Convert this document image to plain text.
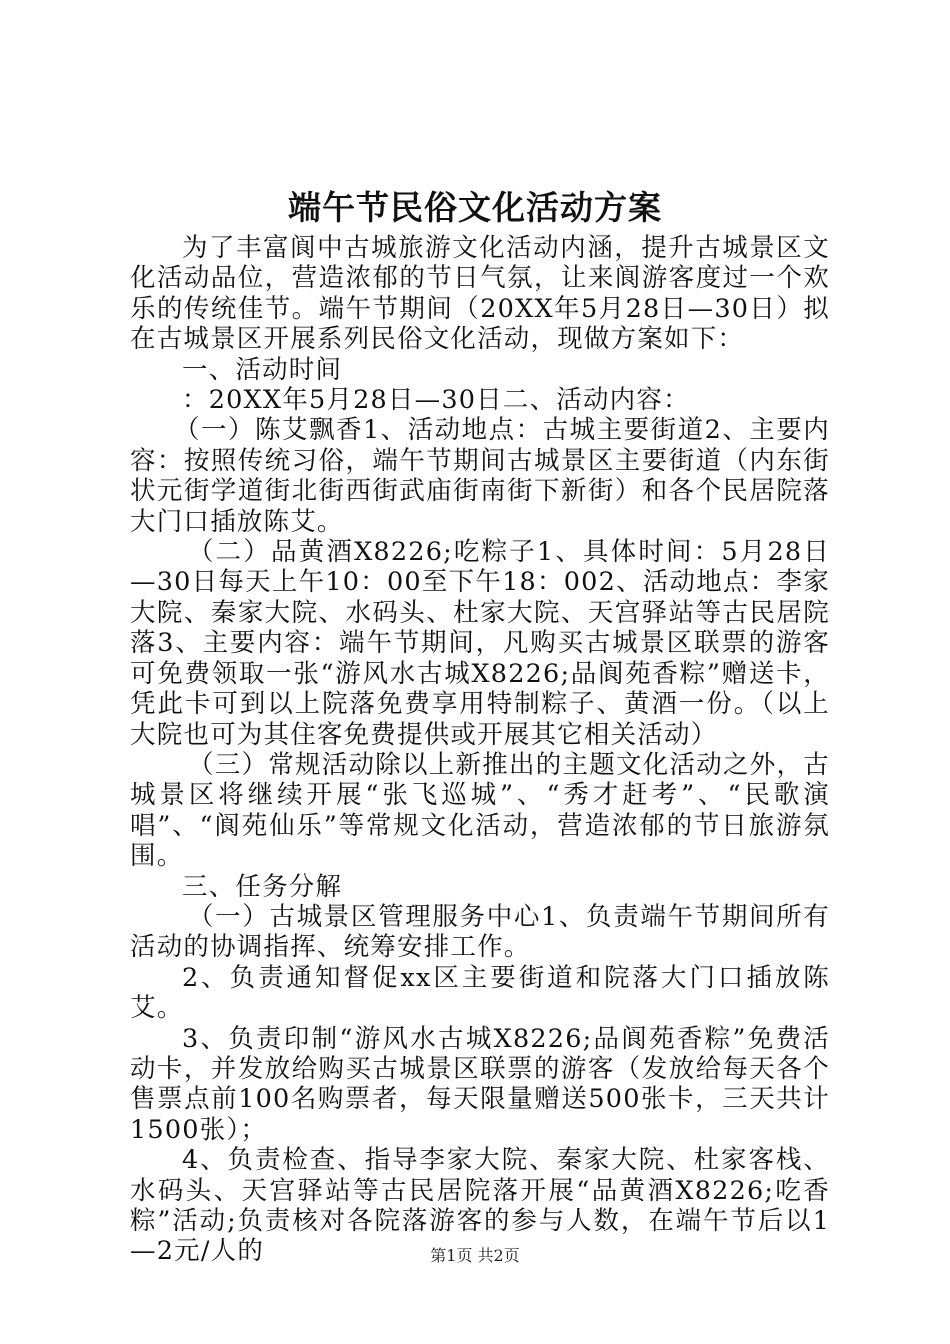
端午节民俗文化活动方案

为了丰富阆中古城旅游文化活动内涵，提升古城景区文化活动品位，营造浓郁的节日气氛，让来阆游客度过一个欢乐的传统佳节。端午节期间（20XX年5月28日—30日）拟在古城景区开展系列民俗文化活动，现做方案如下：

一、活动时间

：20XX年5月28日—30日二、活动内容：

（一）陈艾飘香1、活动地点：古城主要街道2、主要内容：按照传统习俗，端午节期间古城景区主要街道（内东街状元街学道街北街西街武庙街南街下新街）和各个民居院落大门口插放陈艾。

（二）品黄酒X8226;吃粽子1、具体时间：5月28日—30日每天上午10：00至下午18：002、活动地点：李家大院、秦家大院、水码头、杜家大院、天宫驿站等古民居院落3、主要内容：端午节期间，凡购买古城景区联票的游客可免费领取一张“游风水古城X8226;品阆苑香粽”赠送卡，凭此卡可到以上院落免费享用特制粽子、黄酒一份。（以上大院也可为其住客免费提供或开展其它相关活动）

（三）常规活动除以上新推出的主题文化活动之外，古城景区将继续开展“张飞巡城”、“秀才赶考”、“民歌演唱”、“阆苑仙乐”等常规文化活动，营造浓郁的节日旅游氛围。

三、任务分解

（一）古城景区管理服务中心1、负责端午节期间所有活动的协调指挥、统筹安排工作。

2、负责通知督促xx区主要街道和院落大门口插放陈艾。

3、负责印制“游风水古城X8226;品阆苑香粽”免费活动卡，并发放给购买古城景区联票的游客（发放给每天各个售票点前100名购票者，每天限量赠送500张卡，三天共计1500张）；

4、负责检查、指导李家大院、秦家大院、杜家客栈、水码头、天宫驿站等古民居院落开展“品黄酒X8226;吃香粽”活动;负责核对各院落游客的参与人数，在端午节后以1—2元/人的	第1页 共2页
